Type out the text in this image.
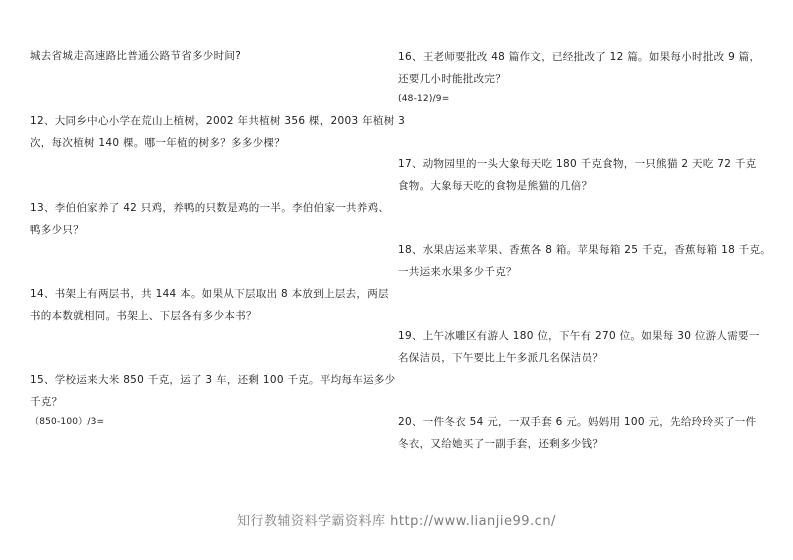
城去省城走高速路比普通公路节省多少时间?
12、大同乡中心小学在荒山上植树，2002 年共植树 356 棵，2003 年植树 3
次，每次植树 140 棵。哪一年植的树多？多多少棵？
13、李伯伯家养了 42 只鸡，养鸭的只数是鸡的一半。李伯伯家一共养鸡、
鸭多少只？
14、书架上有两层书，共 144 本。如果从下层取出 8 本放到上层去，两层
书的本数就相同。书架上、下层各有多少本书？
15、学校运来大米 850 千克，运了 3 车，还剩 100 千克。平均每车运多少
千克？
（850-100）/3=
16、王老师要批改 48 篇作文，已经批改了 12 篇。如果每小时批改 9 篇，
还要几小时能批改完？
(48-12)/9=
17、动物园里的一头大象每天吃 180 千克食物，一只熊猫 2 天吃 72 千克
食物。大象每天吃的食物是熊猫的几倍？
18、水果店运来苹果、香蕉各 8 箱。苹果每箱 25 千克，香蕉每箱 18 千克。
一共运来水果多少千克？
19、上午冰雕区有游人 180 位，下午有 270 位。如果每 30 位游人需要一
名保洁员，下午要比上午多派几名保洁员？
20、一件冬衣 54 元，一双手套 6 元。妈妈用 100 元，先给玲玲买了一件
冬衣，又给她买了一副手套，还剩多少钱？
知行教辅资料学霸资料库 http://www.lianjie99.cn/
